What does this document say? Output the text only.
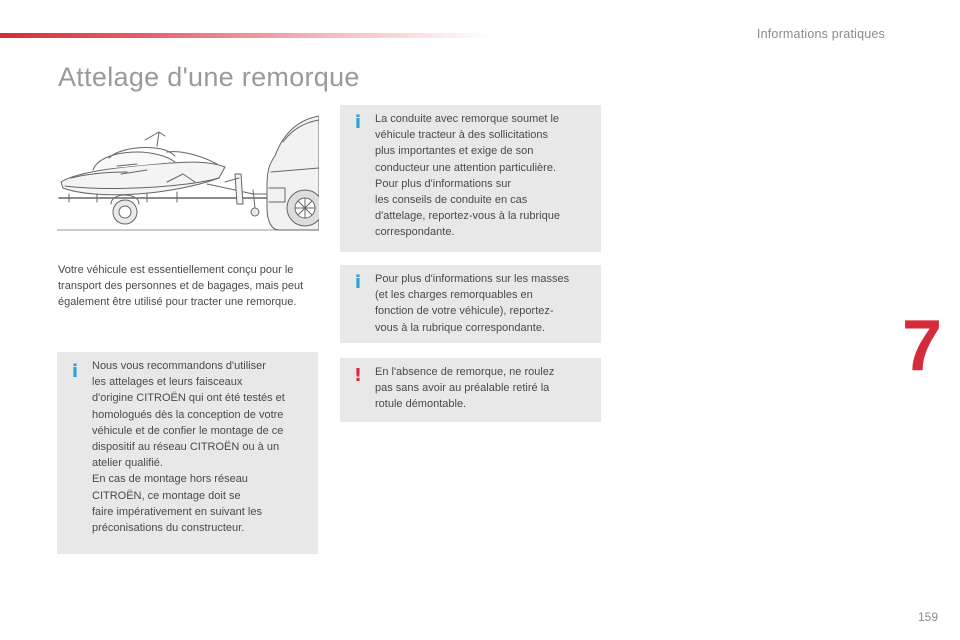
Informations pratiques
Attelage d'une remorque

Votre véhicule est essentiellement conçu pour le transport des personnes et de bagages, mais peut également être utilisé pour tracter une remorque.

i Nous vous recommandons d'utiliser
les attelages et leurs faisceaux
d'origine CITROËN qui ont été testés et
homologués dès la conception de votre
véhicule et de confier le montage de ce
dispositif au réseau CITROËN ou à un
atelier qualifié.
En cas de montage hors réseau
CITROËN, ce montage doit se
faire impérativement en suivant les
préconisations du constructeur.
i La conduite avec remorque soumet le
véhicule tracteur à des sollicitations
plus importantes et exige de son
conducteur une attention particulière.
Pour plus d'informations sur
les conseils de conduite en cas
d'attelage, reportez-vous à la rubrique
correspondante.
i Pour plus d'informations sur les masses
(et les charges remorquables en
fonction de votre véhicule), reportez-
vous à la rubrique correspondante.
! En l'absence de remorque, ne roulez
pas sans avoir au préalable retiré la
rotule démontable.
7
159
